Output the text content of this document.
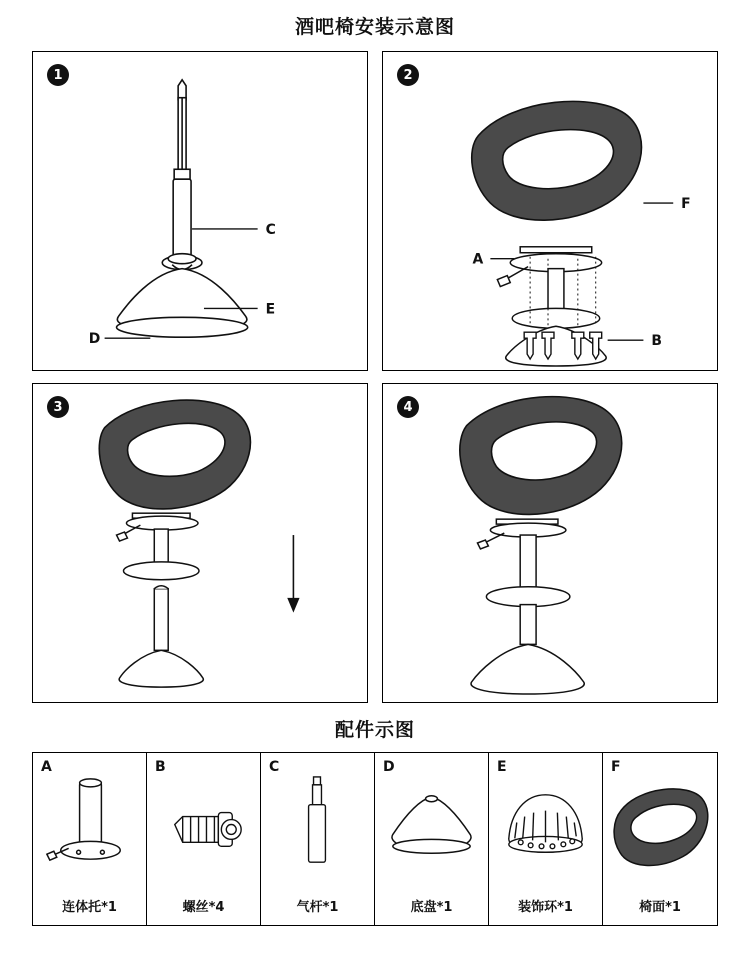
酒吧椅安装示意图
1
C
E
D
2
F
A
B
3	4
配件示图
A
连体托*1
B
螺丝*4
C
气杆*1
D
底盘*1
E
装饰环*1
F
椅面*1
